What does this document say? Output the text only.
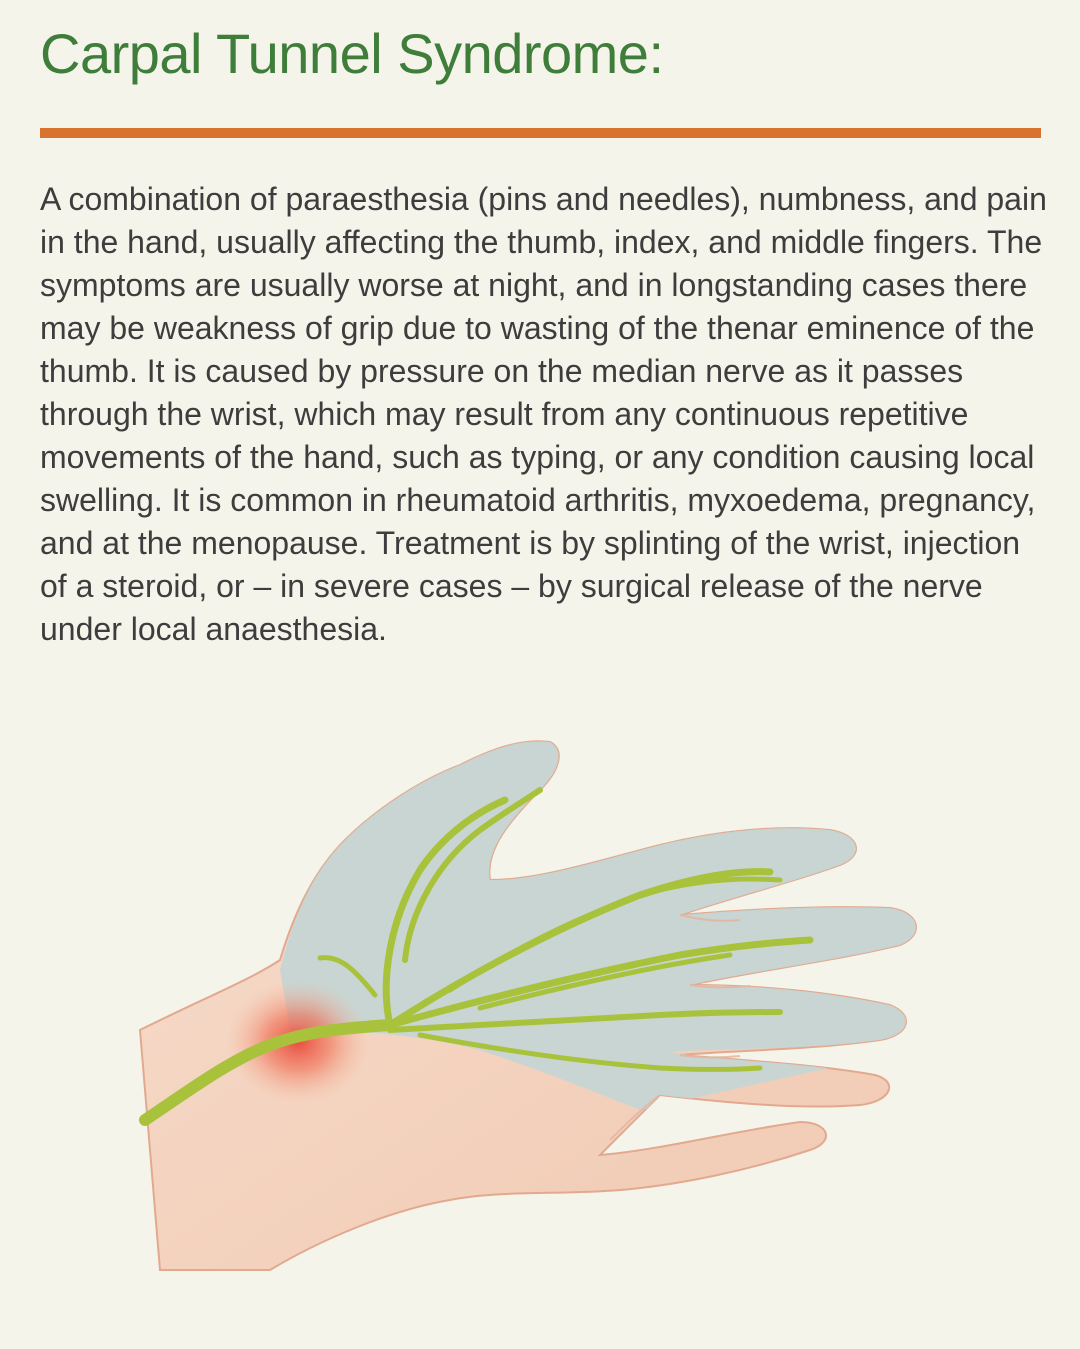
Carpal Tunnel Syndrome:

A combination of paraesthesia (pins and needles), numbness, and pain in the hand, usually affecting the thumb, index, and middle fingers. The symptoms are usually worse at night, and in longstanding cases there may be weakness of grip due to wasting of the thenar eminence of the thumb. It is caused by pressure on the median nerve as it passes through the wrist, which may result from any continuous repetitive movements of the hand, such as typing, or any condition causing local swelling. It is common in rheumatoid arthritis, myxoedema, pregnancy, and at the menopause. Treatment is by splinting of the wrist, injection of a steroid, or – in severe cases – by surgical release of the nerve under local anaesthesia.
